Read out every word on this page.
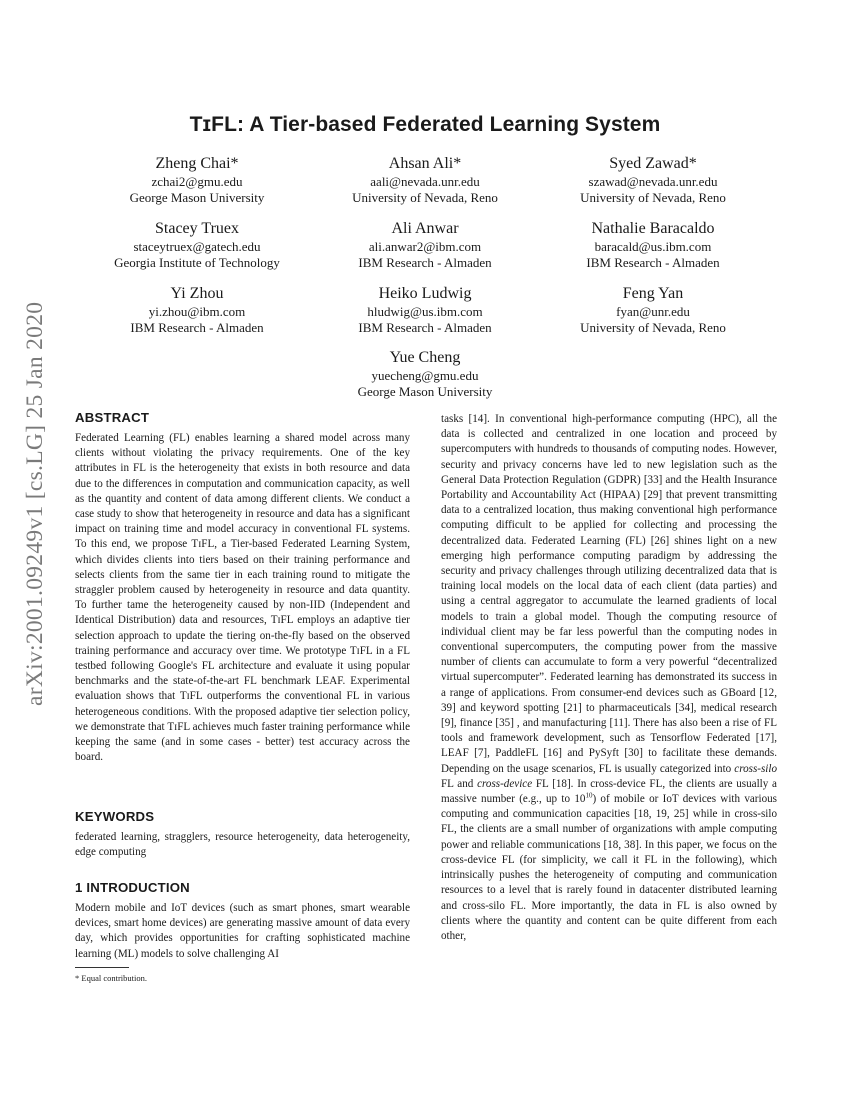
arXiv:2001.09249v1 [cs.LG] 25 Jan 2020
TɪFL: A Tier-based Federated Learning System
Zheng Chai*
zchai2@gmu.edu
George Mason University
Ahsan Ali*
aali@nevada.unr.edu
University of Nevada, Reno
Syed Zawad*
szawad@nevada.unr.edu
University of Nevada, Reno
Stacey Truex
staceytruex@gatech.edu
Georgia Institute of Technology
Ali Anwar
ali.anwar2@ibm.com
IBM Research - Almaden
Nathalie Baracaldo
baracald@us.ibm.com
IBM Research - Almaden
Yi Zhou
yi.zhou@ibm.com
IBM Research - Almaden
Heiko Ludwig
hludwig@us.ibm.com
IBM Research - Almaden
Feng Yan
fyan@unr.edu
University of Nevada, Reno
Yue Cheng
yuecheng@gmu.edu
George Mason University
ABSTRACT

Federated Learning (FL) enables learning a shared model across many clients without violating the privacy requirements. One of the key attributes in FL is the heterogeneity that exists in both resource and data due to the differences in computation and communication capacity, as well as the quantity and content of data among different clients. We conduct a case study to show that heterogeneity in resource and data has a significant impact on training time and model accuracy in conventional FL systems. To this end, we propose TɪFL, a Tier-based Federated Learning System, which divides clients into tiers based on their training performance and selects clients from the same tier in each training round to mitigate the straggler problem caused by heterogeneity in resource and data quantity. To further tame the heterogeneity caused by non-IID (Independent and Identical Distribution) data and resources, TɪFL employs an adaptive tier selection approach to update the tiering on-the-fly based on the observed training performance and accuracy over time. We prototype TɪFL in a FL testbed following Google's FL architecture and evaluate it using popular benchmarks and the state-of-the-art FL benchmark LEAF. Experimental evaluation shows that TɪFL outperforms the conventional FL in various heterogeneous conditions. With the proposed adaptive tier selection policy, we demonstrate that TɪFL achieves much faster training performance while keeping the same (and in some cases - better) test accuracy across the board.

KEYWORDS

federated learning, stragglers, resource heterogeneity, data heterogeneity, edge computing

1 INTRODUCTION

Modern mobile and IoT devices (such as smart phones, smart wearable devices, smart home devices) are generating massive amount of data every day, which provides opportunities for crafting sophisticated machine learning (ML) models to solve challenging AI

* Equal contribution.

tasks [14]. In conventional high-performance computing (HPC), all the data is collected and centralized in one location and proceed by supercomputers with hundreds to thousands of computing nodes. However, security and privacy concerns have led to new legislation such as the General Data Protection Regulation (GDPR) [33] and the Health Insurance Portability and Accountability Act (HIPAA) [29] that prevent transmitting data to a centralized location, thus making conventional high performance computing difficult to be applied for collecting and processing the decentralized data. Federated Learning (FL) [26] shines light on a new emerging high performance computing paradigm by addressing the security and privacy challenges through utilizing decentralized data that is training local models on the local data of each client (data parties) and using a central aggregator to accumulate the learned gradients of local models to train a global model. Though the computing resource of individual client may be far less powerful than the computing nodes in conventional supercomputers, the computing power from the massive number of clients can accumulate to form a very powerful “decentralized virtual supercomputer”. Federated learning has demonstrated its success in a range of applications. From consumer-end devices such as GBoard [12, 39] and keyword spotting [21] to pharmaceuticals [34], medical research [9], finance [35] , and manufacturing [11]. There has also been a rise of FL tools and framework development, such as Tensorflow Federated [17], LEAF [7], PaddleFL [16] and PySyft [30] to facilitate these demands. Depending on the usage scenarios, FL is usually categorized into cross-silo FL and cross-device FL [18]. In cross-device FL, the clients are usually a massive number (e.g., up to $10^{10}$) of mobile or IoT devices with various computing and communication capacities [18, 19, 25] while in cross-silo FL, the clients are a small number of organizations with ample computing power and reliable communications [18, 38]. In this paper, we focus on the cross-device FL (for simplicity, we call it FL in the following), which intrinsically pushes the heterogeneity of computing and communication resources to a level that is rarely found in datacenter distributed learning and cross-silo FL. More importantly, the data in FL is also owned by clients where the quantity and content can be quite different from each other,
